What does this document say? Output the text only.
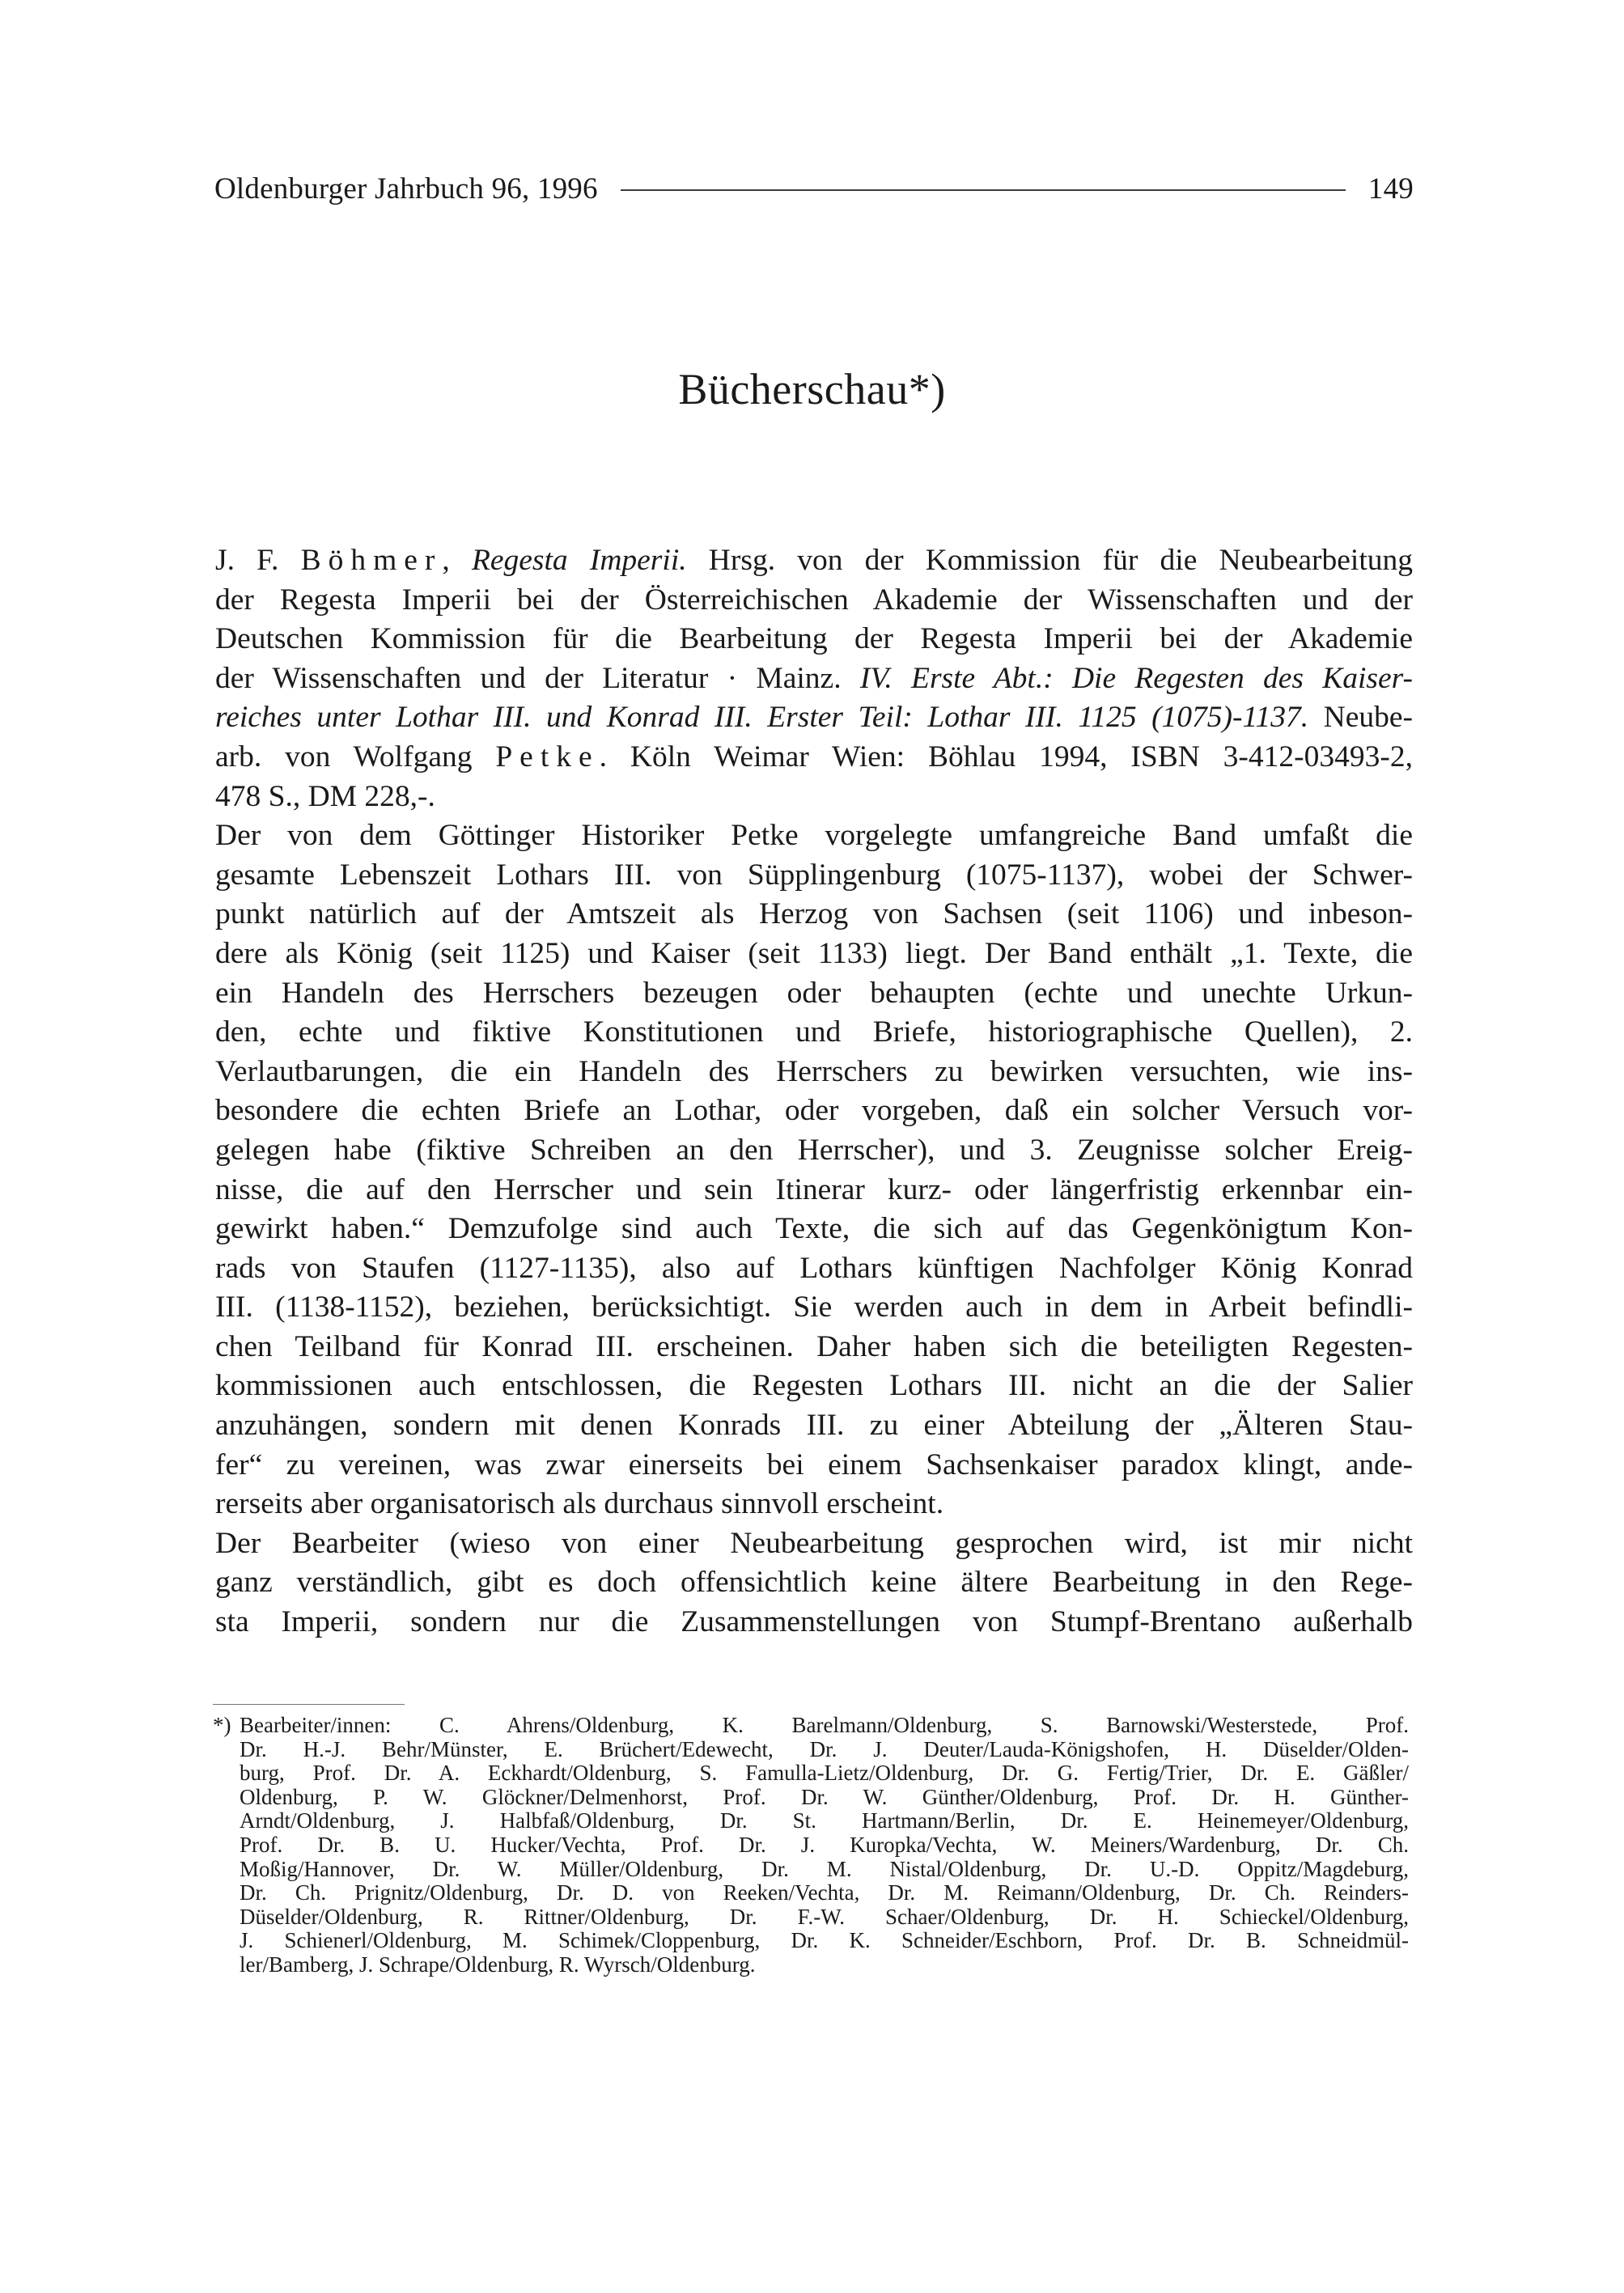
Oldenburger Jahrbuch 96, 1996	149
Bücherschau*)
J. F. Böhmer, Regesta Imperii. Hrsg. von der Kommission für die Neubearbeitung
der Regesta Imperii bei der Österreichischen Akademie der Wissenschaften und der
Deutschen Kommission für die Bearbeitung der Regesta Imperii bei der Akademie
der Wissenschaften und der Literatur · Mainz. IV. Erste Abt.: Die Regesten des Kaiser-
reiches unter Lothar III. und Konrad III. Erster Teil: Lothar III. 1125 (1075)-1137. Neube-
arb. von Wolfgang Petke. Köln Weimar Wien: Böhlau 1994, ISBN 3-412-03493-2,
478 S., DM 228,-.
Der von dem Göttinger Historiker Petke vorgelegte umfangreiche Band umfaßt die
gesamte Lebenszeit Lothars III. von Süpplingenburg (1075-1137), wobei der Schwer-
punkt natürlich auf der Amtszeit als Herzog von Sachsen (seit 1106) und inbeson-
dere als König (seit 1125) und Kaiser (seit 1133) liegt. Der Band enthält „1. Texte, die
ein Handeln des Herrschers bezeugen oder behaupten (echte und unechte Urkun-
den, echte und fiktive Konstitutionen und Briefe, historiographische Quellen), 2.
Verlautbarungen, die ein Handeln des Herrschers zu bewirken versuchten, wie ins-
besondere die echten Briefe an Lothar, oder vorgeben, daß ein solcher Versuch vor-
gelegen habe (fiktive Schreiben an den Herrscher), und 3. Zeugnisse solcher Ereig-
nisse, die auf den Herrscher und sein Itinerar kurz- oder längerfristig erkennbar ein-
gewirkt haben.“ Demzufolge sind auch Texte, die sich auf das Gegenkönigtum Kon-
rads von Staufen (1127-1135), also auf Lothars künftigen Nachfolger König Konrad
III. (1138-1152), beziehen, berücksichtigt. Sie werden auch in dem in Arbeit befindli-
chen Teilband für Konrad III. erscheinen. Daher haben sich die beteiligten Regesten-
kommissionen auch entschlossen, die Regesten Lothars III. nicht an die der Salier
anzuhängen, sondern mit denen Konrads III. zu einer Abteilung der „Älteren Stau-
fer“ zu vereinen, was zwar einerseits bei einem Sachsenkaiser paradox klingt, ande-
rerseits aber organisatorisch als durchaus sinnvoll erscheint.
Der Bearbeiter (wieso von einer Neubearbeitung gesprochen wird, ist mir nicht
ganz verständlich, gibt es doch offensichtlich keine ältere Bearbeitung in den Rege-
sta Imperii, sondern nur die Zusammenstellungen von Stumpf-Brentano außerhalb
*) Bearbeiter/innen: C. Ahrens/Oldenburg, K. Barelmann/Oldenburg, S. Barnowski/Westerstede, Prof.
Dr. H.-J. Behr/Münster, E. Brüchert/Edewecht, Dr. J. Deuter/Lauda-Königshofen, H. Düselder/Olden-
burg, Prof. Dr. A. Eckhardt/Oldenburg, S. Famulla-Lietz/Oldenburg, Dr. G. Fertig/Trier, Dr. E. Gäßler/
Oldenburg, P. W. Glöckner/Delmenhorst, Prof. Dr. W. Günther/Oldenburg, Prof. Dr. H. Günther-
Arndt/Oldenburg, J. Halbfaß/Oldenburg, Dr. St. Hartmann/Berlin, Dr. E. Heinemeyer/Oldenburg,
Prof. Dr. B. U. Hucker/Vechta, Prof. Dr. J. Kuropka/Vechta, W. Meiners/Wardenburg, Dr. Ch.
Moßig/Hannover, Dr. W. Müller/Oldenburg, Dr. M. Nistal/Oldenburg, Dr. U.-D. Oppitz/Magdeburg,
Dr. Ch. Prignitz/Oldenburg, Dr. D. von Reeken/Vechta, Dr. M. Reimann/Oldenburg, Dr. Ch. Reinders-
Düselder/Oldenburg, R. Rittner/Oldenburg, Dr. F.-W. Schaer/Oldenburg, Dr. H. Schieckel/Oldenburg,
J. Schienerl/Oldenburg, M. Schimek/Cloppenburg, Dr. K. Schneider/Eschborn, Prof. Dr. B. Schneidmül-
ler/Bamberg, J. Schrape/Oldenburg, R. Wyrsch/Oldenburg.
